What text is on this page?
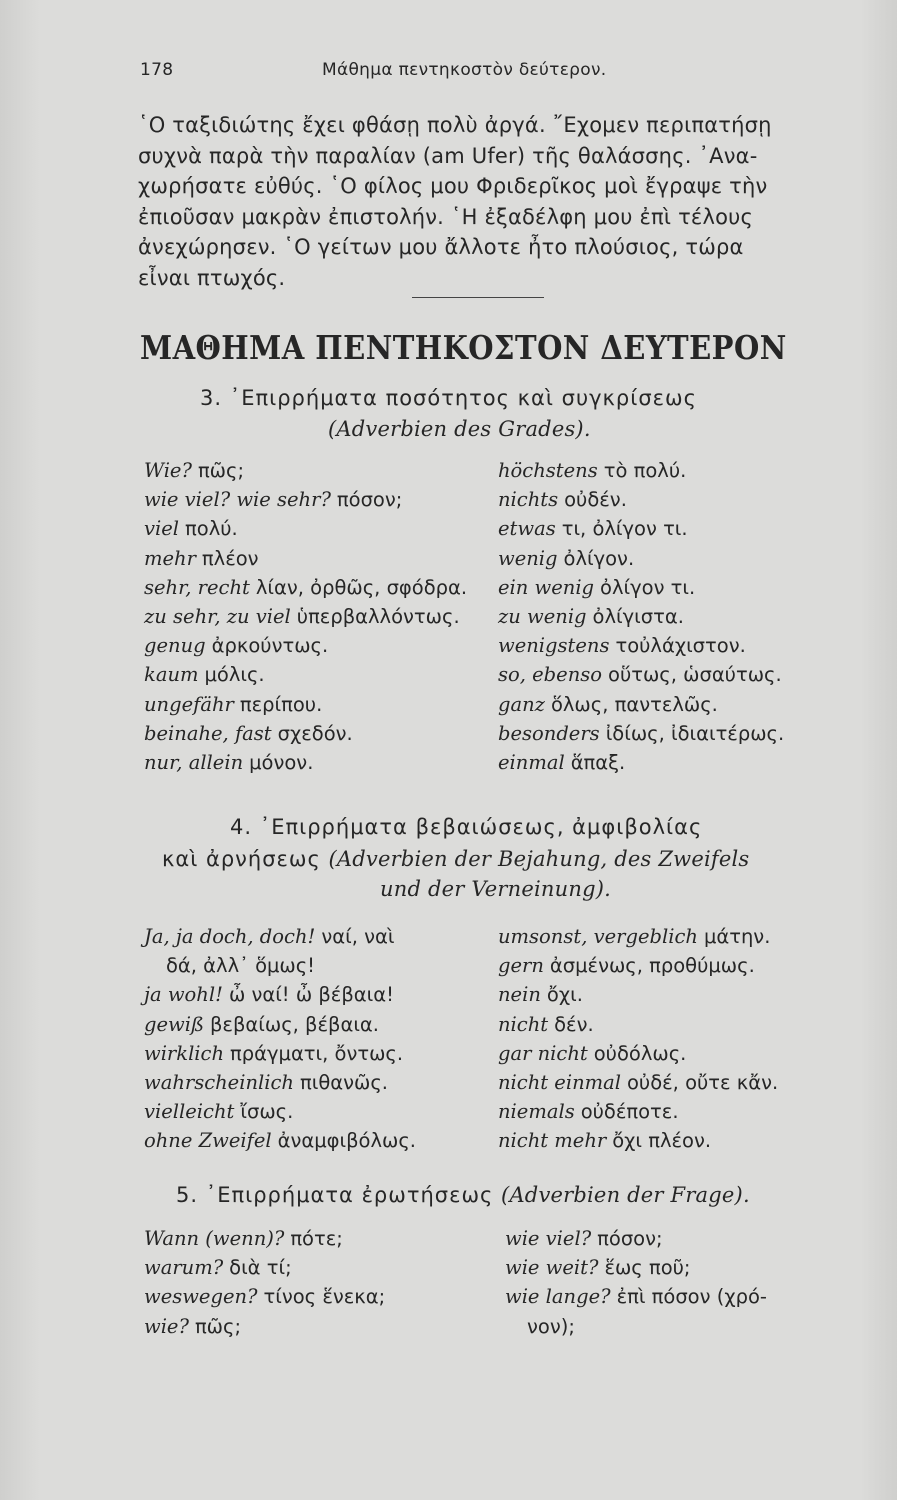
178	Μάθημα πεντηκοστὸν δεύτερον.
῾Ο ταξιδιώτης ἔχει φθάσῃ πολὺ ἀργά. ῎Εχομεν περιπατήσῃ
συχνὰ παρὰ τὴν παραλίαν (am Ufer) τῆς θαλάσσης. ᾿Ανα-
χωρήσατε εὐθύς. ῾Ο φίλος μου Φριδερῖκος μοὶ ἔγραψε τὴν
ἐπιοῦσαν μακρὰν ἐπιστολήν. ῾Η ἐξαδέλφη μου ἐπὶ τέλους
ἀνεχώρησεν. ῾Ο γείτων μου ἄλλοτε ἦτο πλούσιος, τώρα
εἶναι πτωχός.
ΜΑΘΗΜΑ ΠΕΝΤΗΚΟΣΤΟΝ ΔΕΥΤΕΡΟΝ
3. ᾿Επιρρήματα ποσότητος καὶ συγκρίσεως
(Adverbien des Grades).
Wie? πῶς;
wie viel? wie sehr? πόσον;
viel πολύ.
mehr πλέον
sehr, recht λίαν, ὀρθῶς, σφόδρα.
zu sehr, zu viel ὑπερβαλλόντως.
genug ἀρκούντως.
kaum μόλις.
ungefähr περίπου.
beinahe, fast σχεδόν.
nur, allein μόνον.
höchstens τὸ πολύ.
nichts οὐδέν.
etwas τι, ὀλίγον τι.
wenig ὀλίγον.
ein wenig ὀλίγον τι.
zu wenig ὀλίγιστα.
wenigstens τοὐλάχιστον.
so, ebenso οὕτως, ὡσαύτως.
ganz ὅλως, παντελῶς.
besonders ἰδίως, ἰδιαιτέρως.
einmal ἅπαξ.
4. ᾿Επιρρήματα βεβαιώσεως, ἀμφιβολίας
καὶ ἀρνήσεως (Adverbien der Bejahung, des Zweifels
und der Verneinung).
Ja, ja doch, doch! ναί, ναὶ
δά, ἀλλ᾿ ὅμως!
ja wohl! ὦ ναί! ὦ βέβαια!
gewiß βεβαίως, βέβαια.
wirklich πράγματι, ὄντως.
wahrscheinlich πιθανῶς.
vielleicht ἴσως.
ohne Zweifel ἀναμφιβόλως.
umsonst, vergeblich μάτην.
gern ἀσμένως, προθύμως.
nein ὄχι.
nicht δέν.
gar nicht οὐδόλως.
nicht einmal οὐδέ, οὔτε κἄν.
niemals οὐδέποτε.
nicht mehr ὄχι πλέον.
5. ᾿Επιρρήματα ἐρωτήσεως (Adverbien der Frage).
Wann (wenn)? πότε;
warum? διὰ τί;
weswegen? τίνος ἕνεκα;
wie? πῶς;
wie viel? πόσον;
wie weit? ἕως ποῦ;
wie lange? ἐπὶ πόσον (χρό-
νον);
